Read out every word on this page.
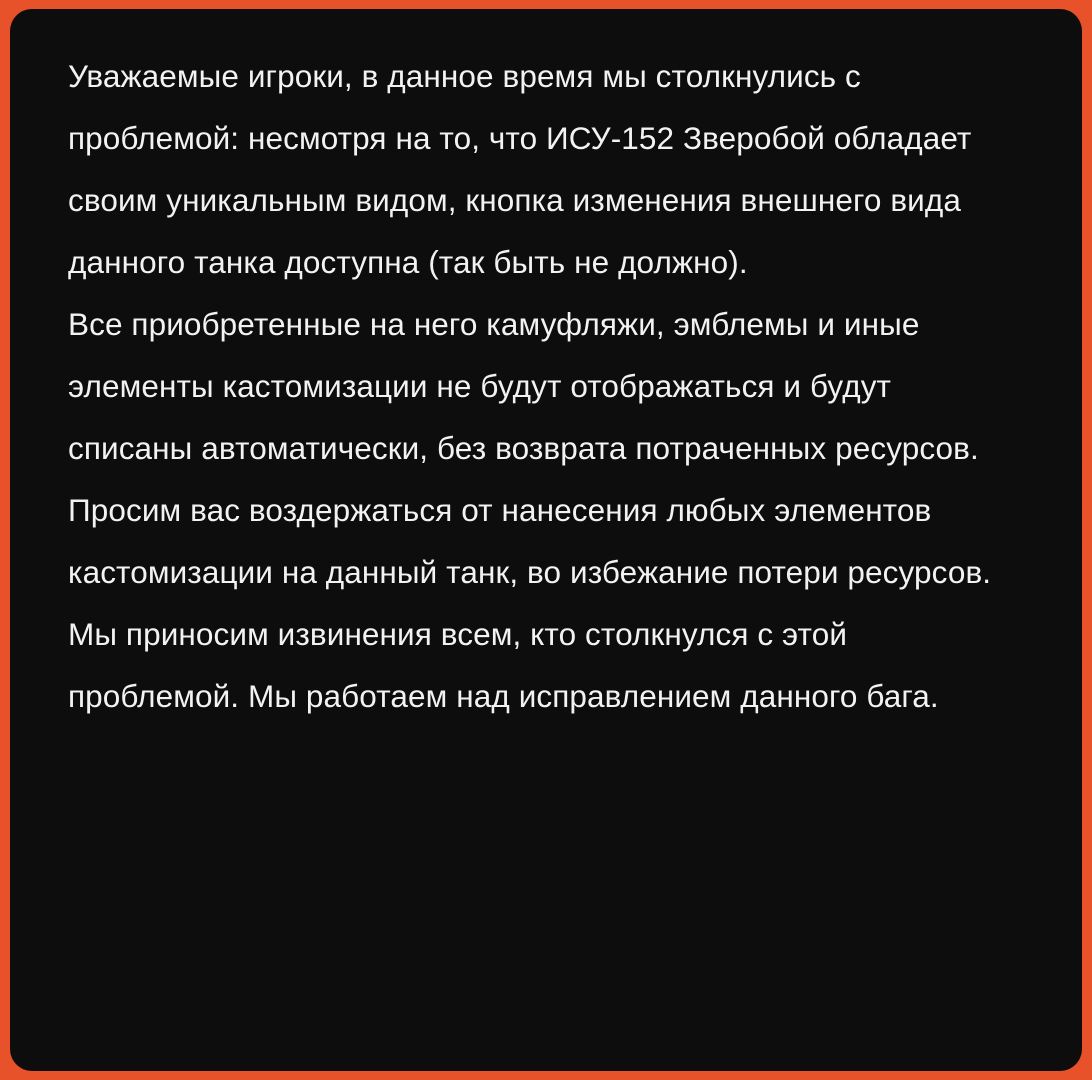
Уважаемые игроки, в данное время мы столкнулись с проблемой: несмотря на то, что ИСУ-152 Зверобой обладает своим уникальным видом, кнопка изменения внешнего вида данного танка доступна (так быть не должно).

Все приобретенные на него камуфляжи, эмблемы и иные элементы кастомизации не будут отображаться и будут списаны автоматически, без возврата потраченных ресурсов.

Просим вас воздержаться от нанесения любых элементов кастомизации на данный танк, во избежание потери ресурсов.

Мы приносим извинения всем, кто столкнулся с этой проблемой. Мы работаем над исправлением данного бага.
